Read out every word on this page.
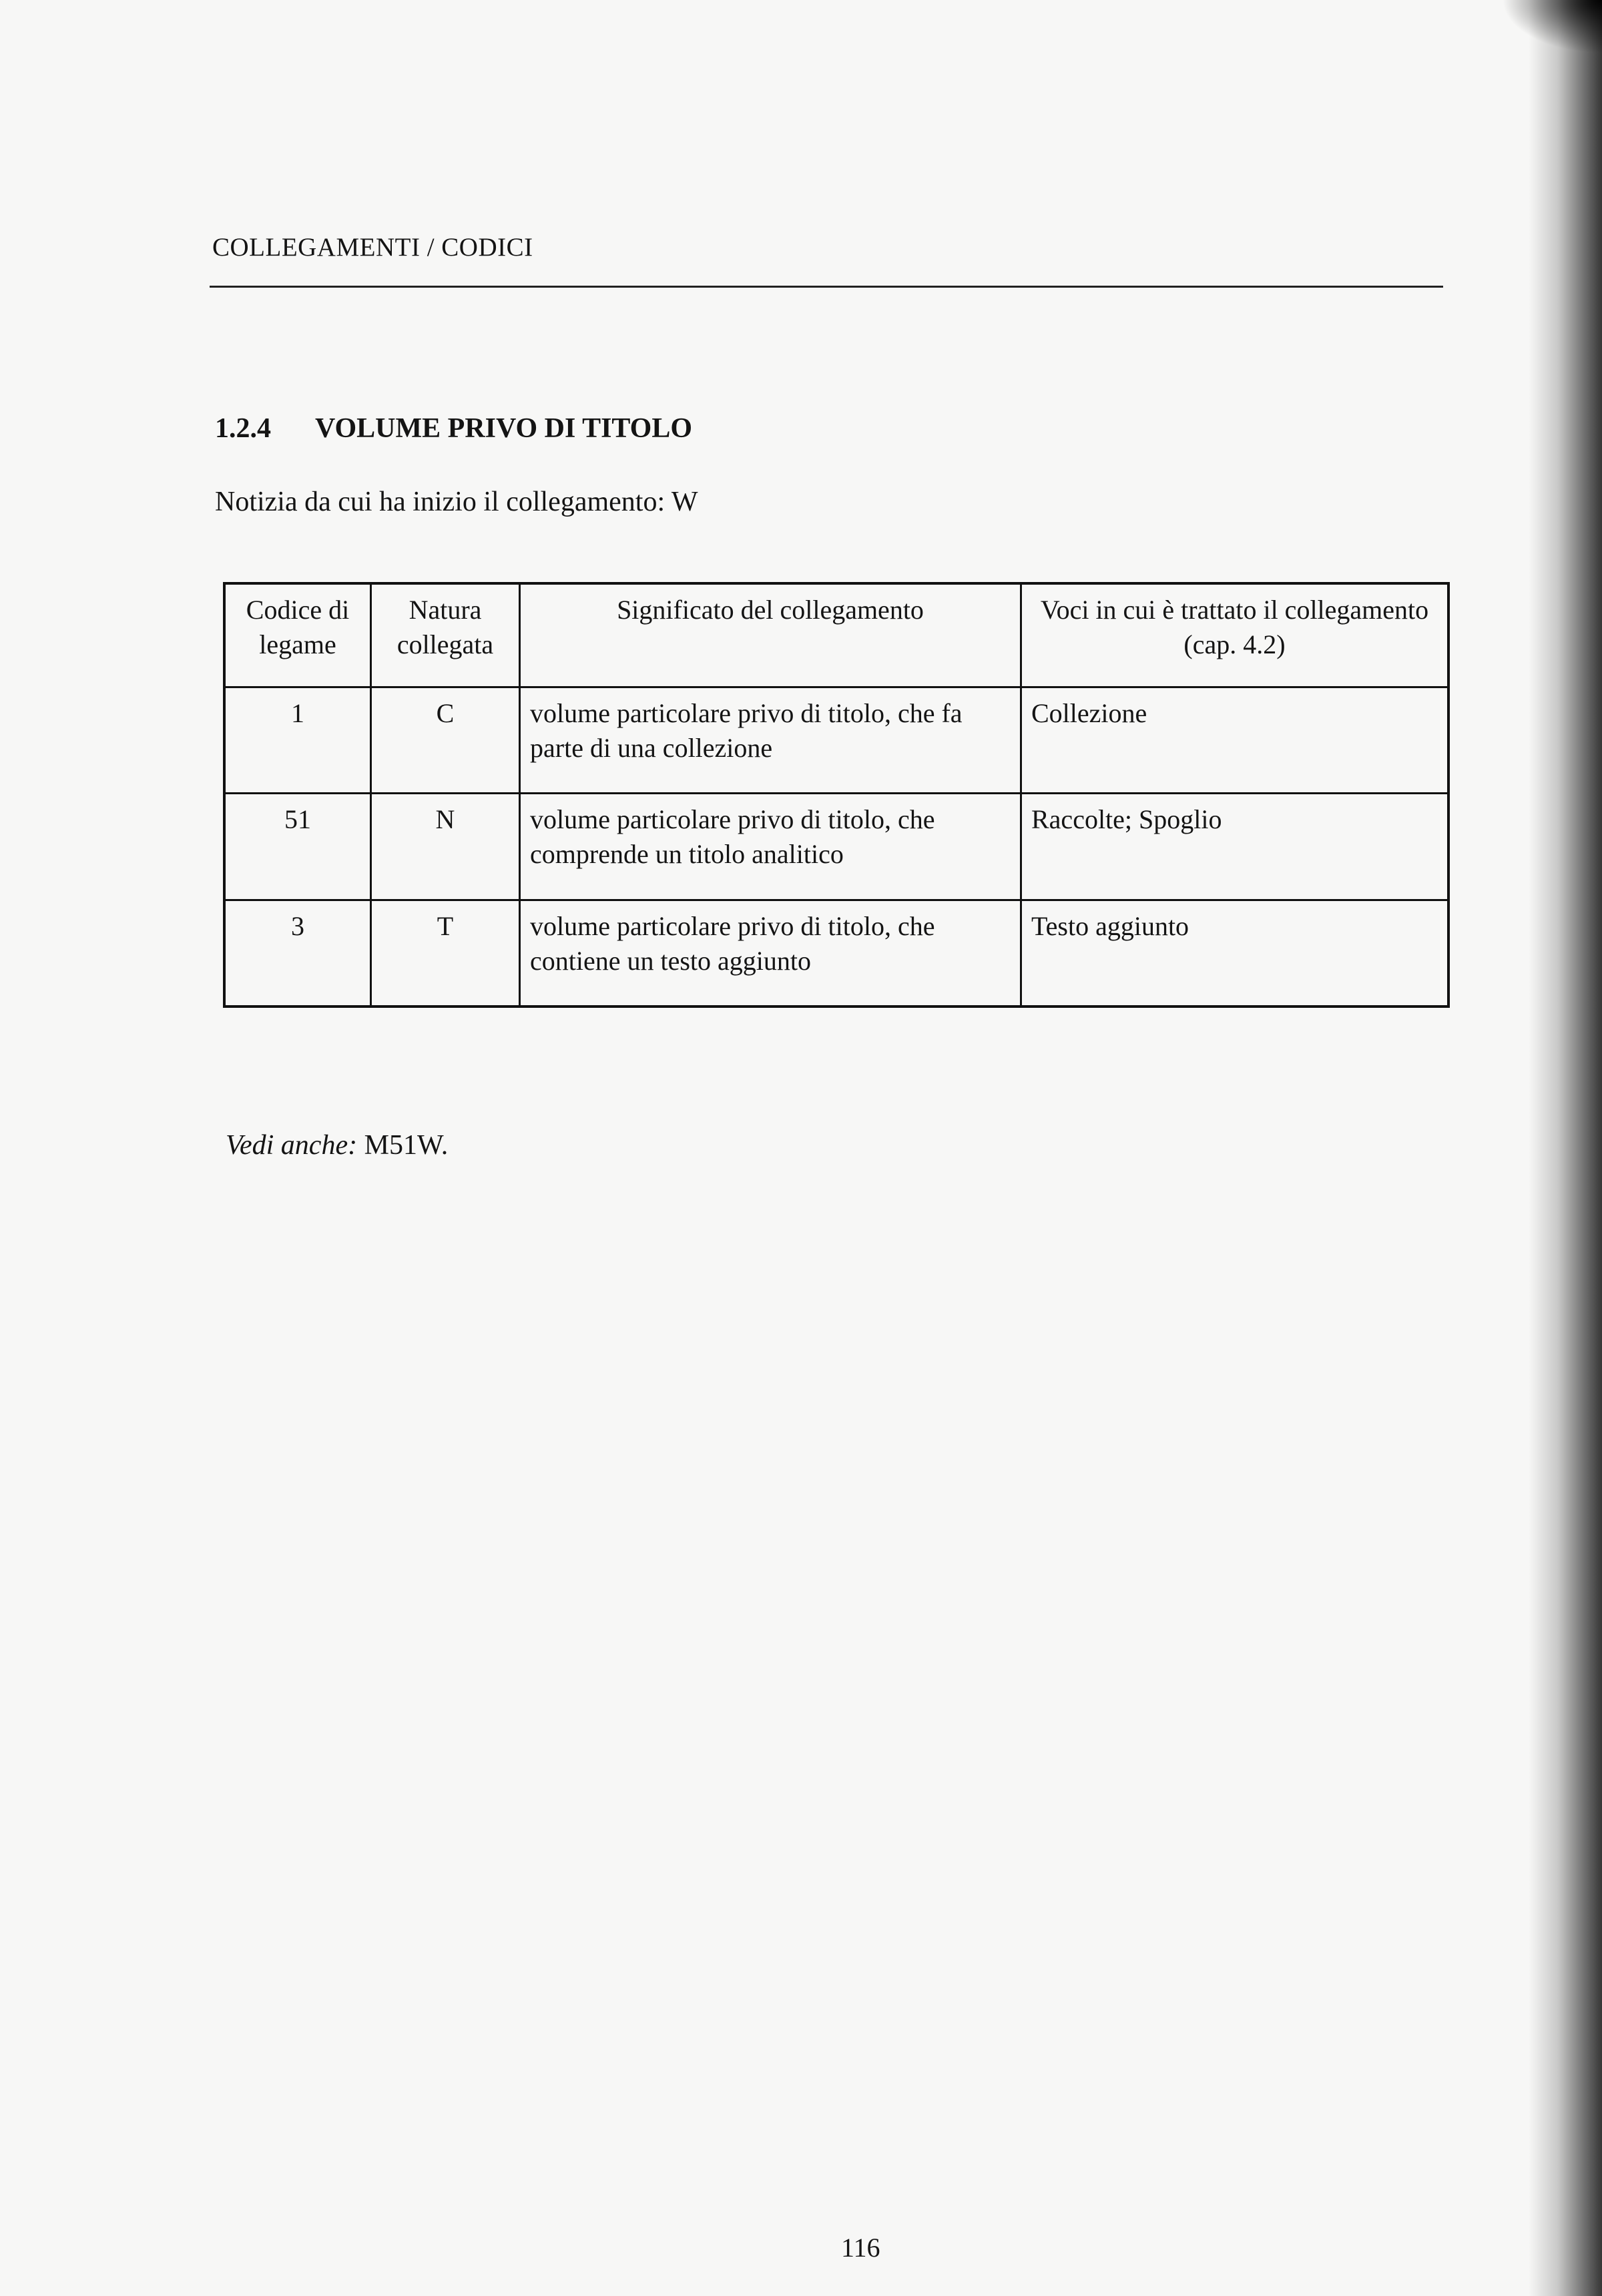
COLLEGAMENTI / CODICI
1.2.4 VOLUME PRIVO DI TITOLO
Notizia da cui ha inizio il collegamento: W
Codice di legame	Natura collegata	Significato del collegamento	Voci in cui è trattato il collegamento (cap. 4.2)
1	C	volume particolare privo di titolo, che fa parte di una collezione	Collezione
51	N	volume particolare privo di titolo, che comprende un titolo analitico	Raccolte; Spoglio
3	T	volume particolare privo di titolo, che contiene un testo aggiunto	Testo aggiunto
Vedi anche: M51W.
116
